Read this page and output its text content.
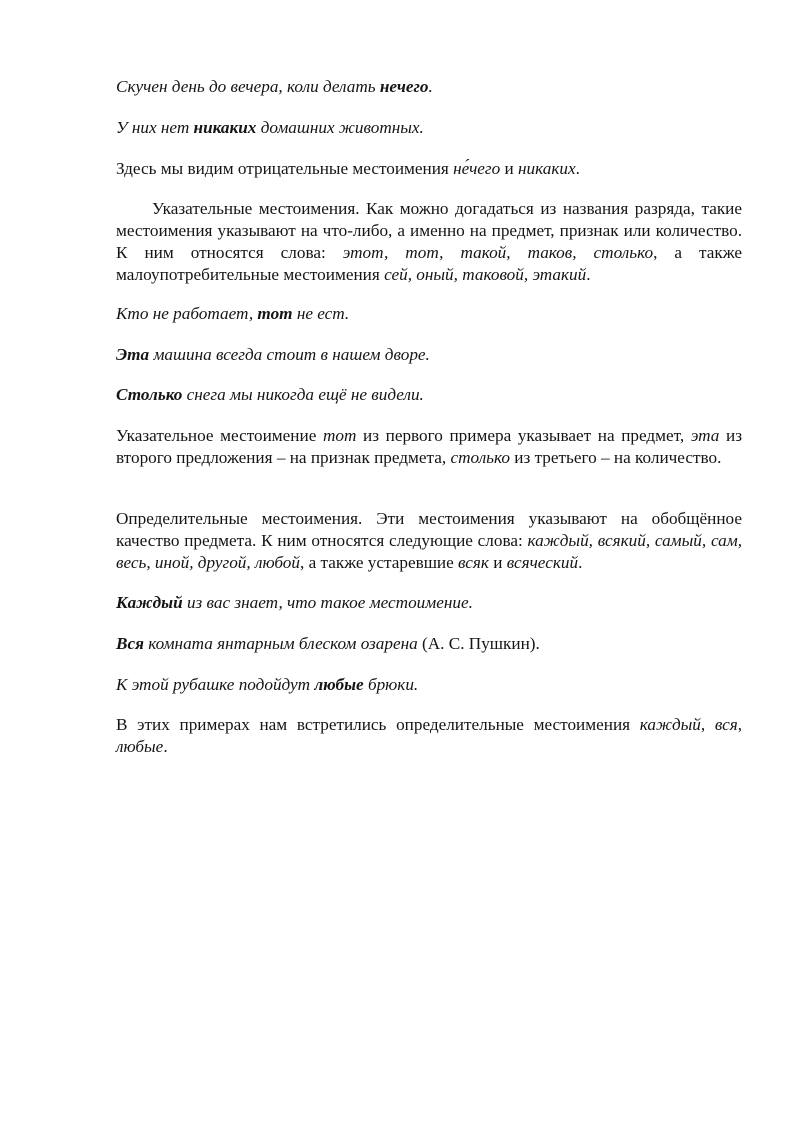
Скучен день до вечера, коли делать нечего.

У них нет никаких домашних животных.

Здесь мы видим отрицательные местоимения не́чего и никаких.

Указательные местоимения. Как можно догадаться из названия разряда, такие местоимения указывают на что-либо, а именно на предмет, признак или количество. К ним относятся слова: этот, тот, такой, таков, столько, а также малоупотребительные местоимения сей, оный, таковой, этакий.

Кто не работает, тот не ест.

Эта машина всегда стоит в нашем дворе.

Столько снега мы никогда ещё не видели.

Указательное местоимение тот из первого примера указывает на предмет, эта из второго предложения – на признак предмета, столько из третьего – на количество.

Определительные местоимения. Эти местоимения указывают на обобщённое качество предмета. К ним относятся следующие слова: каждый, всякий, самый, сам, весь, иной, другой, любой, а также устаревшие всяк и всяческий.

Каждый из вас знает, что такое местоимение.

Вся комната янтарным блеском озарена (А. С. Пушкин).

К этой рубашке подойдут любые брюки.

В этих примерах нам встретились определительные местоимения каждый, вся, любые.
